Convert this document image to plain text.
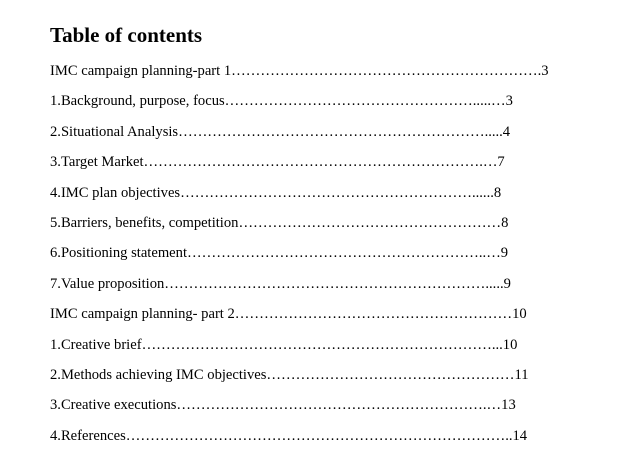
Table of contents
IMC campaign planning-part 1……………………………………………………….3
1.Background, purpose, focus…………………………………………….....…3
2.Situational Analysis……………………………………………………….....4
3.Target Market…………………………………………………………….…7
4.IMC plan objectives……………………………………………………......8
5.Barriers, benefits, competition………………………………………………8
6.Positioning statement……………………………………………………..…9
7.Value proposition………………………………………………………….....9
IMC campaign planning- part 2…………………………………………………10
1.Creative brief………………………………………………………………...10
2.Methods achieving IMC objectives……………………………………………11
3.Creative executions……………………………………………………….…13
4.References……………………………………………………………………..14
